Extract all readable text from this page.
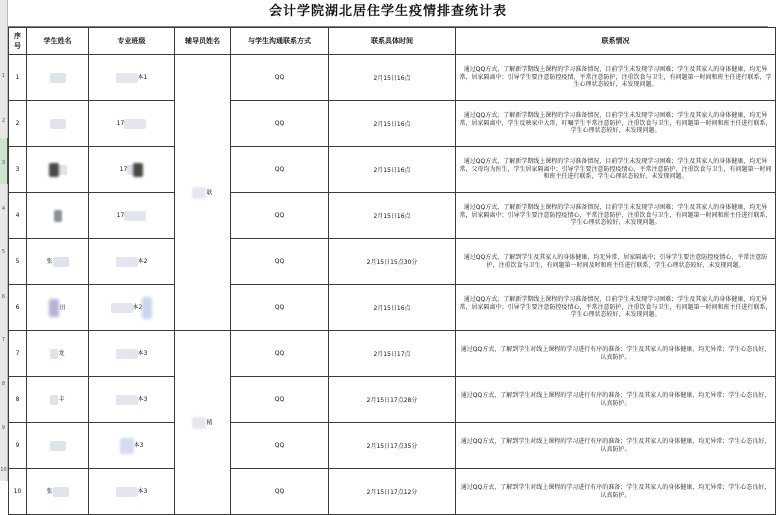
会计学院湖北居住学生疫情排查统计表
序号	学生姓名	专业班级	辅导员姓名	与学生沟通联系方式	联系具体时间	联系情况
1		本1	耿	QQ	2月15日16点	通过QQ方式，了解新学期线上课程的学习准备情况，目前学生未发现学习困难；学生及其家人的身体健康，均无异常，居家隔离中；引导学生要注意防控疫情，平常注意防护，注重饮食与卫生，有问题第一时间和班主任进行联系，学生心理状态较好，未发现问题。
2		17		QQ	2月15日16点	通过QQ方式，了解新学期线上课程的学习准备情况，目前学生未发现学习困难；学生及其家人的身体健康，均无异常，居家隔离中，学生反映家中大哥，叮嘱学生平常注意防护，注重饮食与卫生，有问题第一时间和班主任进行联系，学生心理状态较好，未发现问题。
3		17		QQ	2月15日16点	通过QQ方式，了解新学期线上课程的学习准备情况，目前学生未发现学习困难；学生及其家人的身体健康，均无异常，父母均为医生，学生居家隔离中；引导学生要注意防控疫情心，平常注意防护，注重饮食与卫生，有问题第一时间和班主任进行联系，学生心理状态较好，未发现问题。
4		17		QQ	2月15日16点	通过QQ方式，了解新学期线上课程的学习准备情况，目前学生未发现学习困难；学生及其家人的身体健康，均无异常，居家隔离中；引导学生要注意防控疫情心，平常注意防护，注重饮食与卫生，有问题第一时间和班主任进行联系，学生心理状态较好，未发现问题。
5	张	本2		QQ	2月15日15点30分	通过QQ方式，了解到学生及其家人的身体健康，均无异常，居家隔离中；引导学生要注意防控疫情心，平常注意防护，注重饮食与卫生，有问题第一时间及时和班主任进行联系，学生心理状态较好，未发现问题。
6	田	本2		QQ	2月15日16点	通过QQ方式，了解新学期线上课程的学习准备情况，目前学生未发现学习困难；学生及其家人的身体健康，均无异常，居家隔离中；引导学生要注意防控疫情心，平常注意防护，注重饮食与卫生，有问题第一时间和班主任进行联系，学生心理状态较好，未发现问题。
7	龙	本3	精	QQ	2月15日17点	通过QQ方式，了解到学生对线上课程的学习进行有序的准备；学生及其家人的身体健康，均无异常；学生心态良好，认真防护。
8	丰	本3		QQ	2月15日17点28分	通过QQ方式，了解到学生对线上课程的学习进行有序的准备；学生及其家人的身体健康，均无异常；学生心态良好，认真防护。
9		本3		QQ	2月15日17点35分	通过QQ方式，了解到学生对线上课程的学习进行有序的准备；学生及其家人的身体健康，均无异常；学生心态良好，认真防护。
10	张	本3		QQ	2月15日17点12分	通过QQ方式，了解到学生对线上课程的学习进行有序的准备；学生及其家人的身体健康，均无异常；学生心态良好，认真防护。
1
2
3
4
5
6
7
8
9
10
